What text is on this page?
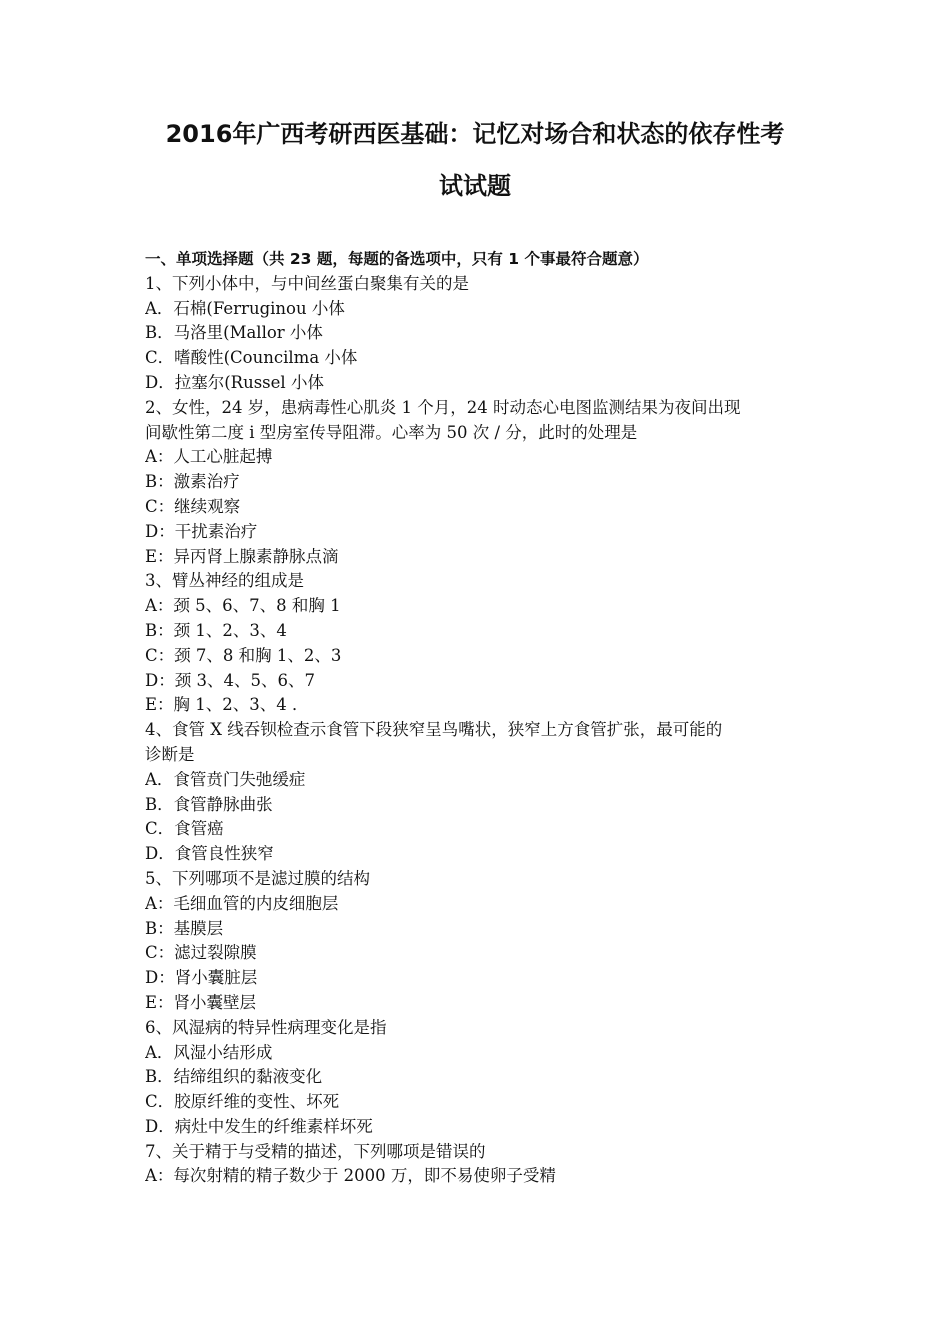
2016年广西考研西医基础：记忆对场合和状态的依存性考
试试题
一、单项选择题（共 23 题，每题的备选项中，只有 1 个事最符合题意）
1、下列小体中，与中间丝蛋白聚集有关的是
A．石棉(Ferruginou 小体
B．马洛里(Mallor 小体
C．嗜酸性(Councilma 小体
D．拉塞尔(Russel 小体
2、女性，24 岁，患病毒性心肌炎 1 个月，24 时动态心电图监测结果为夜间出现
间歇性第二度 i 型房室传导阻滞。心率为 50 次 / 分，此时的处理是
A：人工心脏起搏
B：激素治疗
C：继续观察
D：干扰素治疗
E：异丙肾上腺素静脉点滴
3、臂丛神经的组成是
A：颈 5、6、7、8 和胸 1
B：颈 1、2、3、4
C：颈 7、8 和胸 1、2、3
D：颈 3、4、5、6、7
E：胸 1、2、3、4 ．
4、食管 X 线吞钡检查示食管下段狭窄呈鸟嘴状，狭窄上方食管扩张，最可能的
诊断是
A．食管贲门失弛缓症
B．食管静脉曲张
C．食管癌
D．食管良性狭窄
5、下列哪项不是滤过膜的结构
A：毛细血管的内皮细胞层
B：基膜层
C：滤过裂隙膜
D：肾小囊脏层
E：肾小囊壁层
6、风湿病的特异性病理变化是指
A．风湿小结形成
B．结缔组织的黏液变化
C．胶原纤维的变性、坏死
D．病灶中发生的纤维素样坏死
7、关于精于与受精的描述，下列哪项是错误的
A：每次射精的精子数少于 2000 万，即不易使卵子受精
